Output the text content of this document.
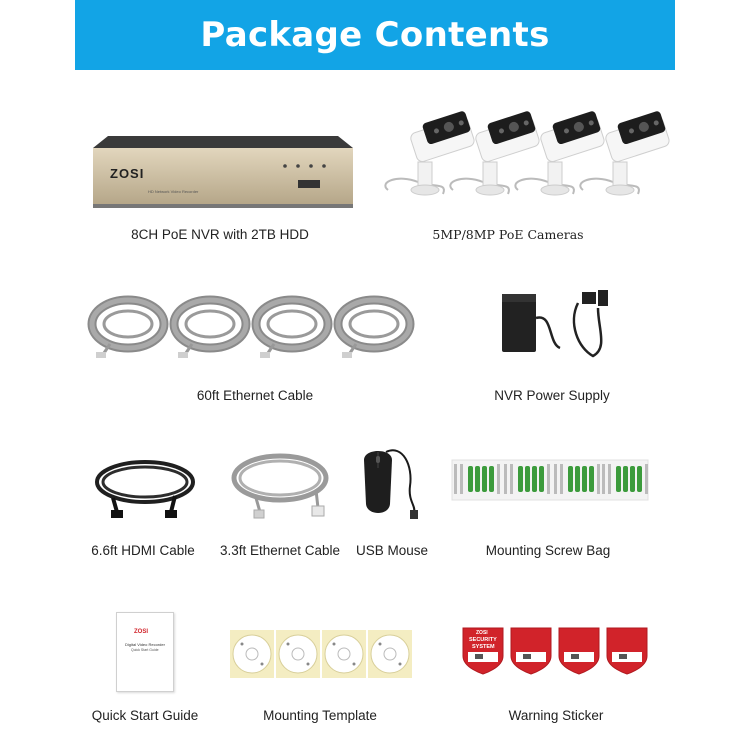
Package Contents
ZOSI
HD Network Video Recorder
8CH PoE NVR with 2TB HDD	5MP/8MP PoE Cameras
60ft Ethernet Cable	NVR Power Supply
6.6ft HDMI Cable 3.3ft Ethernet Cable USB Mouse	Mounting Screw Bag
ZOSI
Digital Video Recorder
Quick Start Guide
Quick Start Guide	Mounting Template
ZOSI
SECURITY
SYSTEM
Warning Sticker
